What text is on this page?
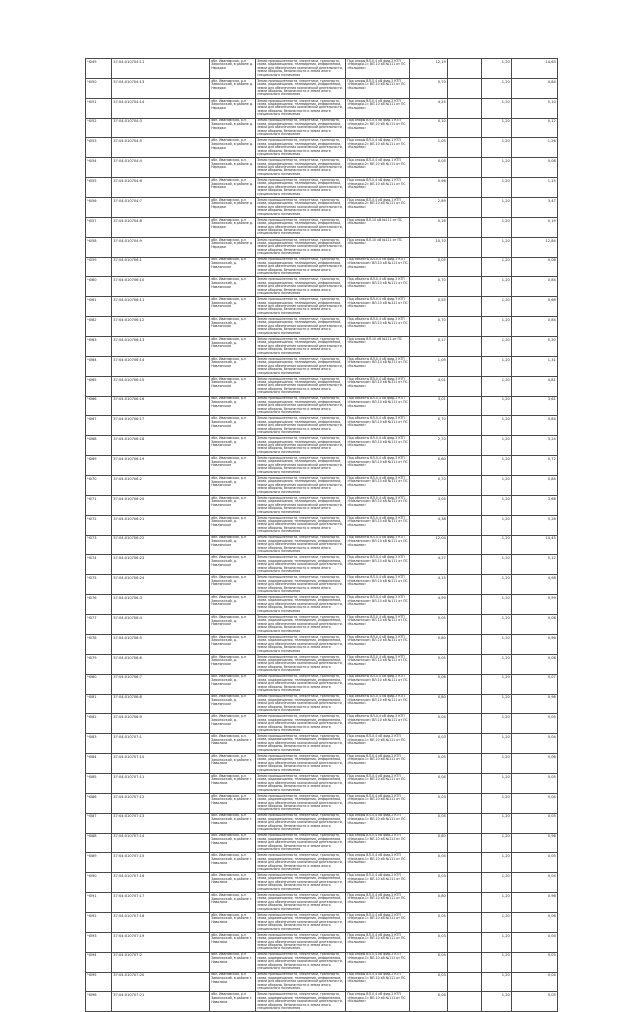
Ч049	37:04:010704:11	обл. Ивановская, р-н Заволжский, в районе д. Нередки	Земли промышленности, энергетики, транспорта, связи, радиовещания, телевидения, информатики, земли для обеспечения космической деятельности, земли обороны, безопасности и земли иного специального назначения	Под опоры ВЛ-0,4 кВ фид.2 КТП «Нередки-1» ВЛ-10 кВ №111 от ПС «Колшево»	12,19		1,20	14,63
Ч050	37:04:010704:13	обл. Ивановская, р-н Заволжский, в районе д. Нередки	Земли промышленности, энергетики, транспорта, связи, радиовещания, телевидения, информатики, земли для обеспечения космической деятельности, земли обороны, безопасности и земли иного специального назначения	Под опоры ВЛ-0,4 кВ фид.2 КТП «Нередки-1» ВЛ-10 кВ №111 от ПС «Колшево»	0,70		1,20	0,84
Ч051	37:04:010704:14	обл. Ивановская, р-н Заволжский, в районе д. Нередки	Земли промышленности, энергетики, транспорта, связи, радиовещания, телевидения, информатики, земли для обеспечения космической деятельности, земли обороны, безопасности и земли иного специального назначения	Под опоры ВЛ-0,4 кВ фид.2 КТП «Нередки-1» ВЛ-10 кВ №111 от ПС «Колшево»	4,25		1,20	5,10
Ч052	37:04:010704:3	обл. Ивановская, р-н Заволжский, в районе д. Нередки	Земли промышленности, энергетики, транспорта, связи, радиовещания, телевидения, информатики, земли для обеспечения космической деятельности, земли обороны, безопасности и земли иного специального назначения	Под опоры ВЛ-0,4 кВ фид.1 КТП «Нередки-2» ВЛ-10 кВ №111 от ПС «Колшево»	0,10		1,20	0,12
Ч053	37:04:010704:5	обл. Ивановская, р-н Заволжский, в районе д. Нередки	Земли промышленности, энергетики, транспорта, связи, радиовещания, телевидения, информатики, земли для обеспечения космической деятельности, земли обороны, безопасности и земли иного специального назначения	Под опоры ВЛ-0,4 кВ фид.1 КТП «Нередки-2» ВЛ-10 кВ №111 от ПС «Колшево»	1,05		1,20	1,26
Ч054	37:04:010704:4	обл. Ивановская, р-н Заволжский, в районе д. Нередки	Земли промышленности, энергетики, транспорта, связи, радиовещания, телевидения, информатики, земли для обеспечения космической деятельности, земли обороны, безопасности и земли иного специального назначения	Под опоры ВЛ-0,4 кВ фид.1 КТП «Нередки-2» ВЛ-10 кВ №111 от ПС «Колшево»	0,05		1,20	0,06
Ч055	37:04:010704:6	обл. Ивановская, р-н Заволжский, в районе д. Нередки	Земли промышленности, энергетики, транспорта, связи, радиовещания, телевидения, информатики, земли для обеспечения космической деятельности, земли обороны, безопасности и земли иного специального назначения	Под опоры ВЛ-0,4 кВ фид.1 КТП «Нередки-2» ВЛ-10 кВ №111 от ПС «Колшево»	0,96		1,20	1,15
Ч056	37:04:010704:7	обл. Ивановская, р-н Заволжский, в районе д. Нередки	Земли промышленности, энергетики, транспорта, связи, радиовещания, телевидения, информатики, земли для обеспечения космической деятельности, земли обороны, безопасности и земли иного специального назначения	Под опоры ВЛ-0,4 кВ фид.1 КТП «Нередки-2» ВЛ-10 кВ №111 от ПС «Колшево»	2,89		1,20	3,47
Ч057	37:04:010704:8	обл. Ивановская, р-н Заволжский, в районе д. Нередки	Земли промышленности, энергетики, транспорта, связи, радиовещания, телевидения, информатики, земли для обеспечения космической деятельности, земли обороны, безопасности и земли иного специального назначения	Под опоры ВЛ-10 кВ №111 от ПС «Колшево»	0,16		1,20	0,19
Ч058	37:04:010704:9	обл. Ивановская, р-н Заволжский, в районе д. Нередки	Земли промышленности, энергетики, транспорта, связи, радиовещания, телевидения, информатики, земли для обеспечения космической деятельности, земли обороны, безопасности и земли иного специального назначения	Под опоры ВЛ-10 кВ №111 от ПС «Колшево»	10,70		1,20	12,84
Ч059	37:04:010706:1	обл. Ивановская, р-н Заволжский, д. Новлянское	Земли промышленности, энергетики, транспорта, связи, радиовещания, телевидения, информатики, земли для обеспечения космической деятельности, земли обороны, безопасности и земли иного специального назначения	Под объекты ВЛ-0,4 кВ фид.3 КТП «Новлянское» ВЛ-10 кВ №111 от ПС «Колшево»	0,05		1,20	0,06
Ч060	37:04:010706:10	обл. Ивановская, р-н Заволжский, д. Новлянское	Земли промышленности, энергетики, транспорта, связи, радиовещания, телевидения, информатики, земли для обеспечения космической деятельности, земли обороны, безопасности и земли иного специального назначения	Под объекты ВЛ-0,4 кВ фид.3 КТП «Новлянское» ВЛ-10 кВ №111 от ПС «Колшево»	0,70		1,20	0,84
Ч061	37:04:010706:11	обл. Ивановская, р-н Заволжский, д. Новлянское	Земли промышленности, энергетики, транспорта, связи, радиовещания, телевидения, информатики, земли для обеспечения космической деятельности, земли обороны, безопасности и земли иного специального назначения	Под объекты ВЛ-0,4 кВ фид.3 КТП «Новлянское» ВЛ-10 кВ №111 от ПС «Колшево»	0,55		1,20	0,66
Ч062	37:04:010706:12	обл. Ивановская, р-н Заволжский, д. Новлянское	Земли промышленности, энергетики, транспорта, связи, радиовещания, телевидения, информатики, земли для обеспечения космической деятельности, земли обороны, безопасности и земли иного специального назначения	Под объекты ВЛ-0,4 кВ фид.3 КТП «Новлянское» ВЛ-10 кВ №111 от ПС «Колшево»	0,70		1,20	0,84
Ч063	37:04:010706:13	обл. Ивановская, р-н Заволжский, д. Новлянское	Земли промышленности, энергетики, транспорта, связи, радиовещания, телевидения, информатики, земли для обеспечения космической деятельности, земли обороны, безопасности и земли иного специального назначения	Под опоры ВЛ-10 кВ №111 от ПС «Колшево»	0,17		1,20	0,20
Ч064	37:04:010706:14	обл. Ивановская, р-н Заволжский, д. Новлянское	Земли промышленности, энергетики, транспорта, связи, радиовещания, телевидения, информатики, земли для обеспечения космической деятельности, земли обороны, безопасности и земли иного специального назначения	Под объекты ВЛ-0,4 кВ фид.3 КТП «Новлянское» ВЛ-10 кВ №111 от ПС «Колшево»	1,09		1,20	1,31
Ч065	37:04:010706:15	обл. Ивановская, р-н Заволжский, д. Новлянское	Земли промышленности, энергетики, транспорта, связи, радиовещания, телевидения, информатики, земли для обеспечения космической деятельности, земли обороны, безопасности и земли иного специального назначения	Под объекты ВЛ-0,4 кВ фид.3 КТП «Новлянское» ВЛ-10 кВ №111 от ПС «Колшево»	4,01		1,20	4,81
Ч066	37:04:010706:16	обл. Ивановская, р-н Заволжский, д. Новлянское	Земли промышленности, энергетики, транспорта, связи, радиовещания, телевидения, информатики, земли для обеспечения космической деятельности, земли обороны, безопасности и земли иного специального назначения	Под объекты ВЛ-0,4 кВ фид.3 КТП «Новлянское» ВЛ-10 кВ №111 от ПС «Колшево»	3,01		1,20	3,61
Ч067	37:04:010706:17	обл. Ивановская, р-н Заволжский, д. Новлянское	Земли промышленности, энергетики, транспорта, связи, радиовещания, телевидения, информатики, земли для обеспечения космической деятельности, земли обороны, безопасности и земли иного специального назначения	Под объекты ВЛ-0,4 кВ фид.3 КТП «Новлянское» ВЛ-10 кВ №111 от ПС «Колшево»	0,70		1,20	0,84
Ч068	37:04:010706:18	обл. Ивановская, р-н Заволжский, д. Новлянское	Земли промышленности, энергетики, транспорта, связи, радиовещания, телевидения, информатики, земли для обеспечения космической деятельности, земли обороны, безопасности и земли иного специального назначения	Под объекты ВЛ-0,4 кВ фид.3 КТП «Новлянское» ВЛ-10 кВ №111 от ПС «Колшево»	2,70		1,20	3,24
Ч069	37:04:010706:19	обл. Ивановская, р-н Заволжский, д. Новлянское	Земли промышленности, энергетики, транспорта, связи, радиовещания, телевидения, информатики, земли для обеспечения космической деятельности, земли обороны, безопасности и земли иного специального назначения	Под объекты ВЛ-0,4 кВ фид.3 КТП «Новлянское» ВЛ-10 кВ №111 от ПС «Колшево»	0,60		1,20	0,72
Ч070	37:04:010706:2	обл. Ивановская, р-н Заволжский, д. Новлянское	Земли промышленности, энергетики, транспорта, связи, радиовещания, телевидения, информатики, земли для обеспечения космической деятельности, земли обороны, безопасности и земли иного специального назначения	Под объекты ВЛ-0,4 кВ фид.3 КТП «Новлянское» ВЛ-10 кВ №111 от ПС «Колшево»	0,70		1,20	0,84
Ч071	37:04:010706:20	обл. Ивановская, р-н Заволжский, д. Новлянское	Земли промышленности, энергетики, транспорта, связи, радиовещания, телевидения, информатики, земли для обеспечения космической деятельности, земли обороны, безопасности и земли иного специального назначения	Под объекты ВЛ-0,4 кВ фид.3 КТП «Новлянское» ВЛ-10 кВ №111 от ПС «Колшево»	3,05		1,20	3,66
Ч072	37:04:010706:21	обл. Ивановская, р-н Заволжский, д. Новлянское	Земли промышленности, энергетики, транспорта, связи, радиовещания, телевидения, информатики, земли для обеспечения космической деятельности, земли обороны, безопасности и земли иного специального назначения	Под объекты ВЛ-0,4 кВ фид.3 КТП «Новлянское» ВЛ-10 кВ №111 от ПС «Колшево»	4,38		1,20	5,26
Ч073	37:04:010706:22	обл. Ивановская, р-н Заволжский, д. Новлянское	Земли промышленности, энергетики, транспорта, связи, радиовещания, телевидения, информатики, земли для обеспечения космической деятельности, земли обороны, безопасности и земли иного специального назначения	Под объекты ВЛ-0,4 кВ фид.3 КТП «Новлянское» ВЛ-10 кВ №111 от ПС «Колшево»	12,04		1,20	14,45
Ч074	37:04:010706:23	обл. Ивановская, р-н Заволжский, д. Новлянское	Земли промышленности, энергетики, транспорта, связи, радиовещания, телевидения, информатики, земли для обеспечения космической деятельности, земли обороны, безопасности и земли иного специального назначения	Под объекты ВЛ-0,4 кВ фид.3 КТП «Новлянское» ВЛ-10 кВ №111 от ПС «Колшево»	4,27		1,20	5,12
Ч075	37:04:010706:24	обл. Ивановская, р-н Заволжский, д. Новлянское	Земли промышленности, энергетики, транспорта, связи, радиовещания, телевидения, информатики, земли для обеспечения космической деятельности, земли обороны, безопасности и земли иного специального назначения	Под объекты ВЛ-0,4 кВ фид.3 КТП «Новлянское» ВЛ-10 кВ №111 от ПС «Колшево»	4,15		1,20	4,98
Ч076	37:04:010706:3	обл. Ивановская, р-н Заволжский, д. Новлянское	Земли промышленности, энергетики, транспорта, связи, радиовещания, телевидения, информатики, земли для обеспечения космической деятельности, земли обороны, безопасности и земли иного специального назначения	Под объекты ВЛ-0,4 кВ фид.3 КТП «Новлянское» ВЛ-10 кВ №111 от ПС «Колшево»	4,99		1,20	5,99
Ч077	37:04:010706:4	обл. Ивановская, р-н Заволжский, д. Новлянское	Земли промышленности, энергетики, транспорта, связи, радиовещания, телевидения, информатики, земли для обеспечения космической деятельности, земли обороны, безопасности и земли иного специального назначения	Под объекты ВЛ-0,4 кВ фид.3 КТП «Новлянское» ВЛ-10 кВ №111 от ПС «Колшево»	0,05		1,20	0,06
Ч078	37:04:010706:5	обл. Ивановская, р-н Заволжский, д. Новлянское	Земли промышленности, энергетики, транспорта, связи, радиовещания, телевидения, информатики, земли для обеспечения космической деятельности, земли обороны, безопасности и земли иного специального назначения	Под объекты ВЛ-0,4 кВ фид.3 КТП «Новлянское» ВЛ-10 кВ №111 от ПС «Колшево»	0,80		1,20	0,96
Ч079	37:04:010706:6	обл. Ивановская, р-н Заволжский, д. Новлянское	Земли промышленности, энергетики, транспорта, связи, радиовещания, телевидения, информатики, земли для обеспечения космической деятельности, земли обороны, безопасности и земли иного специального назначения	Под объекты ВЛ-0,4 кВ фид.3 КТП «Новлянское» ВЛ-10 кВ №111 от ПС «Колшево»	0,05		1,20	0,06
Ч080	37:04:010706:7	обл. Ивановская, р-н Заволжский, д. Новлянское	Земли промышленности, энергетики, транспорта, связи, радиовещания, телевидения, информатики, земли для обеспечения космической деятельности, земли обороны, безопасности и земли иного специального назначения	Под объекты ВЛ-0,4 кВ фид.3 КТП «Новлянское» ВЛ-10 кВ №111 от ПС «Колшево»	0,06		1,20	0,07
Ч081	37:04:010706:8	обл. Ивановская, р-н Заволжский, д. Новлянское	Земли промышленности, энергетики, транспорта, связи, радиовещания, телевидения, информатики, земли для обеспечения космической деятельности, земли обороны, безопасности и земли иного специального назначения	Под объекты ВЛ-0,4 кВ фид.3 КТП «Новлянское» ВЛ-10 кВ №111 от ПС «Колшево»	0,80		1,20	0,96
Ч082	37:04:010706:9	обл. Ивановская, р-н Заволжский, д. Новлянское	Земли промышленности, энергетики, транспорта, связи, радиовещания, телевидения, информатики, земли для обеспечения космической деятельности, земли обороны, безопасности и земли иного специального назначения	Под объекты ВЛ-0,4 кВ фид.3 КТП «Новлянское» ВЛ-10 кВ №111 от ПС «Колшево»	0,04		1,20	0,05
Ч083	37:04:010707:1	обл. Ивановская, р-н Заволжский, в районе г. Наволоки	Земли промышленности, энергетики, транспорта, связи, радиовещания, телевидения, информатики, земли для обеспечения космической деятельности, земли обороны, безопасности и земли иного специального назначения	Под опоры ВЛ-0,4 кВ фид.2 КТП «Нередки-1» ВЛ-10 кВ №111 от ПС «Колшево»	0,03		1,20	0,04
Ч084	37:04:010707:10	обл. Ивановская, р-н Заволжский, в районе г. Наволоки	Земли промышленности, энергетики, транспорта, связи, радиовещания, телевидения, информатики, земли для обеспечения космической деятельности, земли обороны, безопасности и земли иного специального назначения	Под опоры ВЛ-0,4 кВ фид.2 КТП «Нередки-1» ВЛ-10 кВ №111 от ПС «Колшево»	0,05		1,20	0,06
Ч085	37:04:010707:11	обл. Ивановская, р-н Заволжский, в районе г. Наволоки	Земли промышленности, энергетики, транспорта, связи, радиовещания, телевидения, информатики, земли для обеспечения космической деятельности, земли обороны, безопасности и земли иного специального назначения	Под опоры ВЛ-0,4 кВ фид.2 КТП «Нередки-1» ВЛ-10 кВ №111 от ПС «Колшево»	0,04		1,20	0,05
Ч086	37:04:010707:12	обл. Ивановская, р-н Заволжский, в районе г. Наволоки	Земли промышленности, энергетики, транспорта, связи, радиовещания, телевидения, информатики, земли для обеспечения космической деятельности, земли обороны, безопасности и земли иного специального назначения	Под опоры ВЛ-0,4 кВ фид.2 КТП «Нередки-1» ВЛ-10 кВ №111 от ПС «Колшево»	0,03		1,20	0,04
Ч087	37:04:010707:13	обл. Ивановская, р-н Заволжский, в районе г. Наволоки	Земли промышленности, энергетики, транспорта, связи, радиовещания, телевидения, информатики, земли для обеспечения космической деятельности, земли обороны, безопасности и земли иного специального назначения	Под опоры ВЛ-0,4 кВ фид.2 КТП «Нередки-1» ВЛ-10 кВ №111 от ПС «Колшево»	0,04		1,20	0,05
Ч088	37:04:010707:14	обл. Ивановская, р-н Заволжский, в районе г. Наволоки	Земли промышленности, энергетики, транспорта, связи, радиовещания, телевидения, информатики, земли для обеспечения космической деятельности, земли обороны, безопасности и земли иного специального назначения	Под опоры ВЛ-0,4 кВ фид.2 КТП «Нередки-1» ВЛ-10 кВ №111 от ПС «Колшево»	0,80		1,20	0,96
Ч089	37:04:010707:15	обл. Ивановская, р-н Заволжский, в районе г. Наволоки	Земли промышленности, энергетики, транспорта, связи, радиовещания, телевидения, информатики, земли для обеспечения космической деятельности, земли обороны, безопасности и земли иного специального назначения	Под опоры ВЛ-0,4 кВ фид.2 КТП «Нередки-1» ВЛ-10 кВ №111 от ПС «Колшево»	0,04		1,20	0,05
Ч090	37:04:010707:16	обл. Ивановская, р-н Заволжский, в районе г. Наволоки	Земли промышленности, энергетики, транспорта, связи, радиовещания, телевидения, информатики, земли для обеспечения космической деятельности, земли обороны, безопасности и земли иного специального назначения	Под опоры ВЛ-0,4 кВ фид.2 КТП «Нередки-1» ВЛ-10 кВ №111 от ПС «Колшево»	0,03		1,20	0,04
Ч091	37:04:010707:17	обл. Ивановская, р-н Заволжский, в районе г. Наволоки	Земли промышленности, энергетики, транспорта, связи, радиовещания, телевидения, информатики, земли для обеспечения космической деятельности, земли обороны, безопасности и земли иного специального назначения	Под опоры ВЛ-0,4 кВ фид.2 КТП «Нередки-1» ВЛ-10 кВ №111 от ПС «Колшево»	0,80		1,20	0,96
Ч092	37:04:010707:18	обл. Ивановская, р-н Заволжский, в районе г. Наволоки	Земли промышленности, энергетики, транспорта, связи, радиовещания, телевидения, информатики, земли для обеспечения космической деятельности, земли обороны, безопасности и земли иного специального назначения	Под опоры ВЛ-0,4 кВ фид.2 КТП «Нередки-1» ВЛ-10 кВ №111 от ПС «Колшево»	0,05		1,20	0,06
Ч093	37:04:010707:19	обл. Ивановская, р-н Заволжский, в районе г. Наволоки	Земли промышленности, энергетики, транспорта, связи, радиовещания, телевидения, информатики, земли для обеспечения космической деятельности, земли обороны, безопасности и земли иного специального назначения	Под опоры ВЛ-0,4 кВ фид.2 КТП «Нередки-1» ВЛ-10 кВ №111 от ПС «Колшево»	0,03		1,20	0,04
Ч094	37:04:010707:2	обл. Ивановская, р-н Заволжский, в районе г. Наволоки	Земли промышленности, энергетики, транспорта, связи, радиовещания, телевидения, информатики, земли для обеспечения космической деятельности, земли обороны, безопасности и земли иного специального назначения	Под опоры ВЛ-0,4 кВ фид.2 КТП «Нередки-1» ВЛ-10 кВ №111 от ПС «Колшево»	0,04		1,20	0,05
Ч095	37:04:010707:20	обл. Ивановская, р-н Заволжский, в районе г. Наволоки	Земли промышленности, энергетики, транспорта, связи, радиовещания, телевидения, информатики, земли для обеспечения космической деятельности, земли обороны, безопасности и земли иного специального назначения	Под опоры ВЛ-0,4 кВ фид.2 КТП «Нередки-1» ВЛ-10 кВ №111 от ПС «Колшево»	0,03		1,20	0,04
Ч096	37:04:010707:21	обл. Ивановская, р-н Заволжский, в районе г. Наволоки	Земли промышленности, энергетики, транспорта, связи, радиовещания, телевидения, информатики, земли для обеспечения космической деятельности, земли обороны, безопасности и земли иного специального назначения	Под опоры ВЛ-0,4 кВ фид.2 КТП «Нередки-1» ВЛ-10 кВ №111 от ПС «Колшево»	0,04		1,20	0,05
